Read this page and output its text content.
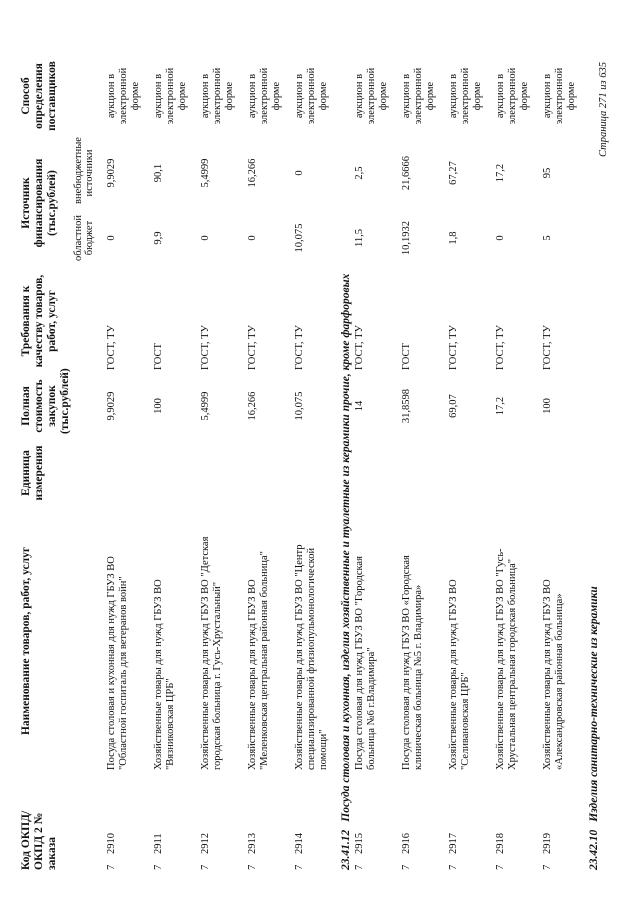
Код ОКПД/ ОКПД 2 № заказа
Наименование товаров, работ, услуг
Единица измерения
Полная стоимость закупок (тыс.рублей)
Требования к качеству товаров, работ, услуг
Источник финансирования (тыс.рублей)
областной бюджет
внебюджетные источники
Способ определения поставщиков
7
2910
Посуда столовая и кухонная для нужд ГБУЗ ВО "Областной госпиталь для ветеранов войн"
9,9029
ГОСТ, ТУ
0
9,9029
аукцион в электронной форме
7
2911
Хозяйственные товары для нужд ГБУЗ ВО "Вязниковская ЦРБ"
100
ГОСТ
9,9
90,1
аукцион в электронной форме
7
2912
Хозяйственные товары для нужд ГБУЗ ВО "Детская городская больница г. Гусь-Хрустальный"
5,4999
ГОСТ, ТУ
0
5,4999
аукцион в электронной форме
7
2913
Хозяйственные товары для нужд ГБУЗ ВО "Меленковская центральная районная больница"
16,266
ГОСТ, ТУ
0
16,266
аукцион в электронной форме
7
2914
Хозяйственные товары для нужд ГБУЗ ВО "Центр специализированной фтизиопульмонологической помощи"
10,075
ГОСТ, ТУ
10,075
0
аукцион в электронной форме
23.41.12Посуда столовая и кухонная, изделия хозяйственные и туалетные из керамики прочие, кроме фарфоровых
7
2915
Посуда столовая для нужд ГБУЗ ВО "Городская больница №6 г.Владимира"
14
ГОСТ, ТУ
11,5
2,5
аукцион в электронной форме
7
2916
Посуда столовая для нужд ГБУЗ ВО «Городская клиническая больница №5 г. Владимира»
31,8598
ГОСТ
10,1932
21,6666
аукцион в электронной форме
7
2917
Хозяйственные товары для нужд ГБУЗ ВО "Селивановская ЦРБ"
69,07
ГОСТ, ТУ
1,8
67,27
аукцион в электронной форме
7
2918
Хозяйственные товары для нужд ГБУЗ ВО "Гусь-Хрустальная центральная городская больница"
17,2
ГОСТ, ТУ
0
17,2
аукцион в электронной форме
7
2919
Хозяйственные товары для нужд ГБУЗ ВО «Александровская районная больница»
100
ГОСТ, ТУ
5
95
аукцион в электронной форме
23.42.10Изделия санитарно-технические из керамики
Страница 271 из 635
